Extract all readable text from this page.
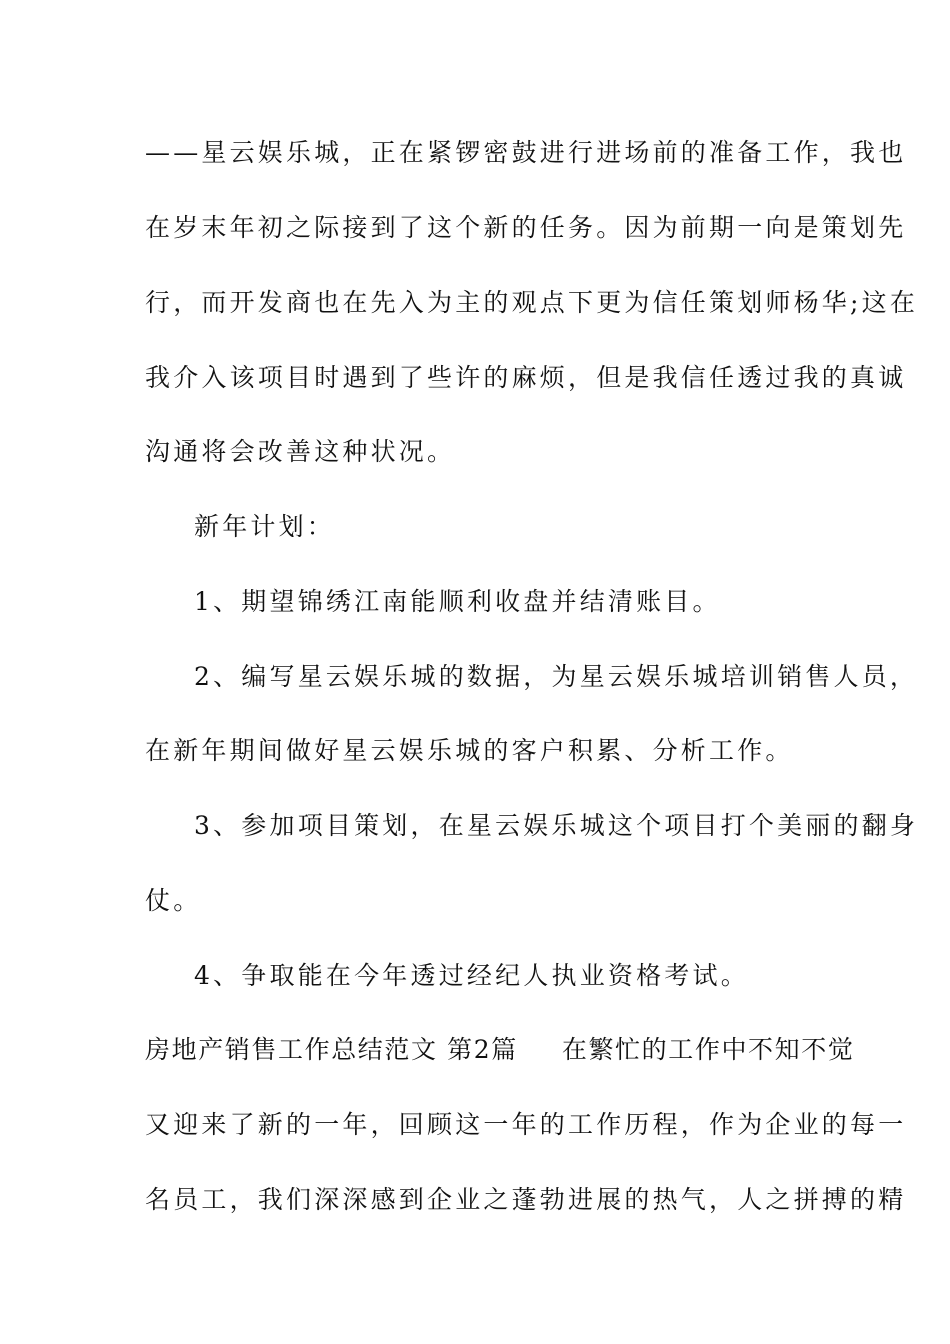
——星云娱乐城，正在紧锣密鼓进行进场前的准备工作，我也
在岁末年初之际接到了这个新的任务。因为前期一向是策划先
行，而开发商也在先入为主的观点下更为信任策划师杨华;这在
我介入该项目时遇到了些许的麻烦，但是我信任透过我的真诚
沟通将会改善这种状况。
新年计划：
1、期望锦绣江南能顺利收盘并结清账目。
2、编写星云娱乐城的数据，为星云娱乐城培训销售人员，
在新年期间做好星云娱乐城的客户积累、分析工作。
3、参加项目策划，在星云娱乐城这个项目打个美丽的翻身
仗。
4、争取能在今年透过经纪人执业资格考试。
房地产销售工作总结范文 第2篇 在繁忙的工作中不知不觉
又迎来了新的一年，回顾这一年的工作历程，作为企业的每一
名员工，我们深深感到企业之蓬勃进展的热气，人之拼搏的精
